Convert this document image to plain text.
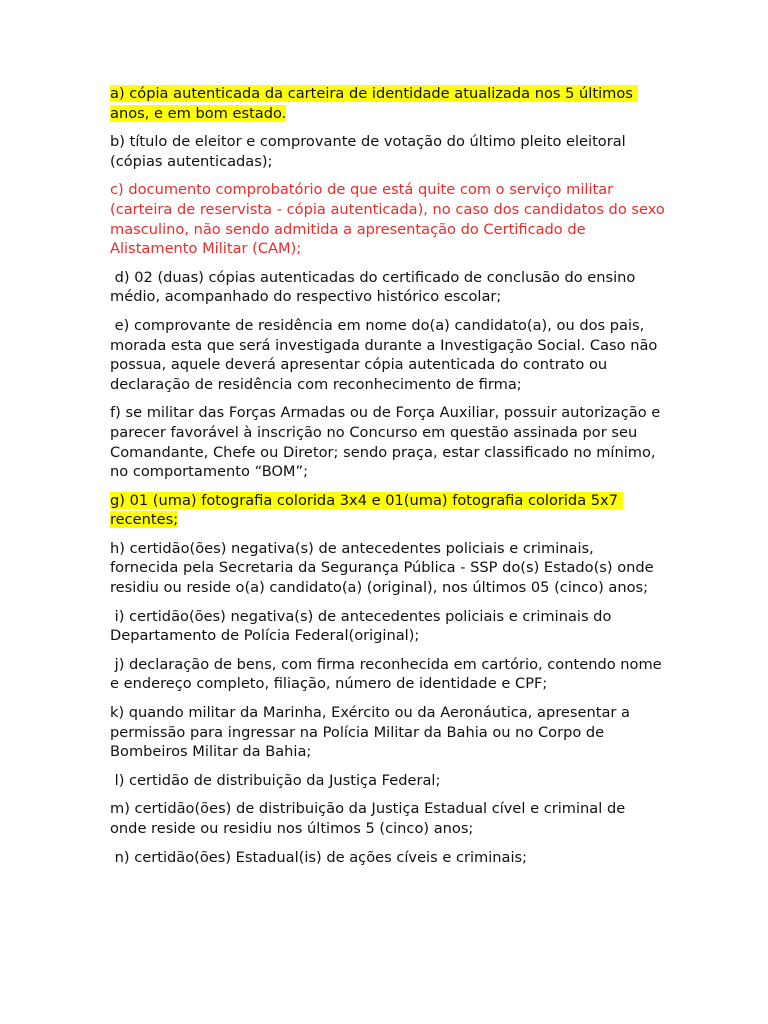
a) cópia autenticada da carteira de identidade atualizada nos 5 últimos anos, e em bom estado.

b) título de eleitor e comprovante de votação do último pleito eleitoral (cópias autenticadas);

c) documento comprobatório de que está quite com o serviço militar (carteira de reservista - cópia autenticada), no caso dos candidatos do sexo masculino, não sendo admitida a apresentação do Certificado de Alistamento Militar (CAM);

d) 02 (duas) cópias autenticadas do certificado de conclusão do ensino médio, acompanhado do respectivo histórico escolar;

e) comprovante de residência em nome do(a) candidato(a), ou dos pais, morada esta que será investigada durante a Investigação Social. Caso não possua, aquele deverá apresentar cópia autenticada do contrato ou declaração de residência com reconhecimento de firma;

f) se militar das Forças Armadas ou de Força Auxiliar, possuir autorização e parecer favorável à inscrição no Concurso em questão assinada por seu Comandante, Chefe ou Diretor; sendo praça, estar classificado no mínimo, no comportamento “BOM”;

g) 01 (uma) fotografia colorida 3x4 e 01(uma) fotografia colorida 5x7 recentes;

h) certidão(ões) negativa(s) de antecedentes policiais e criminais, fornecida pela Secretaria da Segurança Pública - SSP do(s) Estado(s) onde residiu ou reside o(a) candidato(a) (original), nos últimos 05 (cinco) anos;

i) certidão(ões) negativa(s) de antecedentes policiais e criminais do Departamento de Polícia Federal(original);

j) declaração de bens, com firma reconhecida em cartório, contendo nome e endereço completo, filiação, número de identidade e CPF;

k) quando militar da Marinha, Exército ou da Aeronáutica, apresentar a permissão para ingressar na Polícia Militar da Bahia ou no Corpo de Bombeiros Militar da Bahia;

l) certidão de distribuição da Justiça Federal;

m) certidão(ões) de distribuição da Justiça Estadual cível e criminal de onde reside ou residiu nos últimos 5 (cinco) anos;

n) certidão(ões) Estadual(is) de ações cíveis e criminais;
